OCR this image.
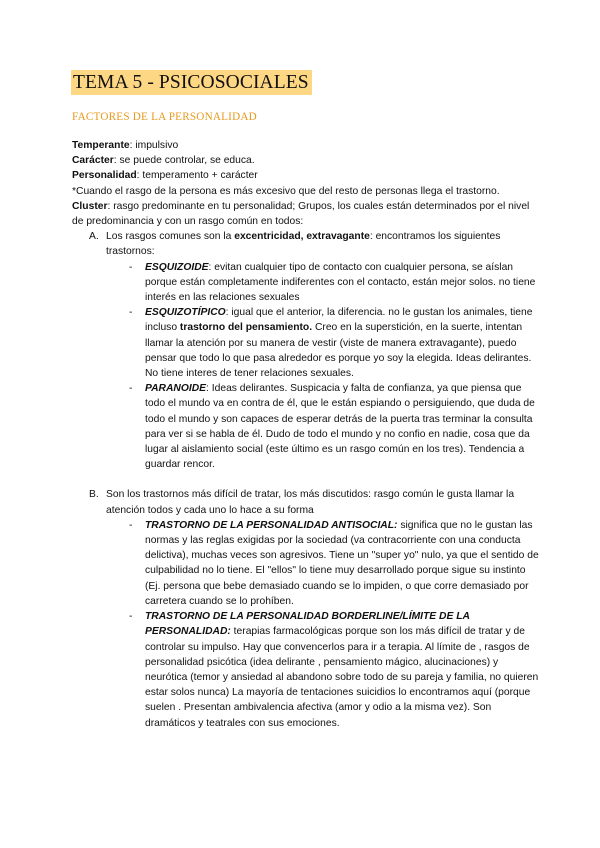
TEMA 5 - PSICOSOCIALES
FACTORES DE LA PERSONALIDAD

Temperante: impulsivo

Carácter: se puede controlar, se educa.

Personalidad: temperamento + carácter

*Cuando el rasgo de la persona es más excesivo que del resto de personas llega el trastorno.

Cluster: rasgo predominante en tu personalidad; Grupos, los cuales están determinados por el nivel de predominancia y con un rasgo común en todos:

A. Los rasgos comunes son la excentricidad, extravagante: encontramos los siguientes trastornos:
- ESQUIZOIDE: evitan cualquier tipo de contacto con cualquier persona, se aíslan porque están completamente indiferentes con el contacto, están mejor solos. no tiene interés en las relaciones sexuales
- ESQUIZOTÍPICO: igual que el anterior, la diferencia. no le gustan los animales, tiene incluso trastorno del pensamiento. Creo en la superstición, en la suerte, intentan llamar la atención por su manera de vestir (viste de manera extravagante), puedo pensar que todo lo que pasa alrededor es porque yo soy la elegida. Ideas delirantes. No tiene interes de tener relaciones sexuales.
- PARANOIDE: Ideas delirantes. Suspicacia y falta de confianza, ya que piensa que todo el mundo va en contra de él, que le están espiando o persiguiendo, que duda de todo el mundo y son capaces de esperar detrás de la puerta tras terminar la consulta para ver si se habla de él. Dudo de todo el mundo y no confio en nadie, cosa que da lugar al aislamiento social (este último es un rasgo común en los tres). Tendencia a guardar rencor.
B. Son los trastornos más difícil de tratar, los más discutidos: rasgo común le gusta llamar la atención todos y cada uno lo hace a su forma
- TRASTORNO DE LA PERSONALIDAD ANTISOCIAL: significa que no le gustan las normas y las reglas exigidas por la sociedad (va contracorriente con una conducta delictiva), muchas veces son agresivos. Tiene un "super yo" nulo, ya que el sentido de culpabilidad no lo tiene. El "ellos" lo tiene muy desarrollado porque sigue su instinto (Ej. persona que bebe demasiado cuando se lo impiden, o que corre demasiado por carretera cuando se lo prohíben.
- TRASTORNO DE LA PERSONALIDAD BORDERLINE/LÍMITE DE LA PERSONALIDAD: terapias farmacológicas porque son los más difícil de tratar y de controlar su impulso. Hay que convencerlos para ir a terapia. Al límite de , rasgos de personalidad psicótica (idea delirante , pensamiento mágico, alucinaciones) y neurótica (temor y ansiedad al abandono sobre todo de su pareja y familia, no quieren estar solos nunca) La mayoría de tentaciones suicidios lo encontramos aquí (porque suelen . Presentan ambivalencia afectiva (amor y odio a la misma vez). Son dramáticos y teatrales con sus emociones.
